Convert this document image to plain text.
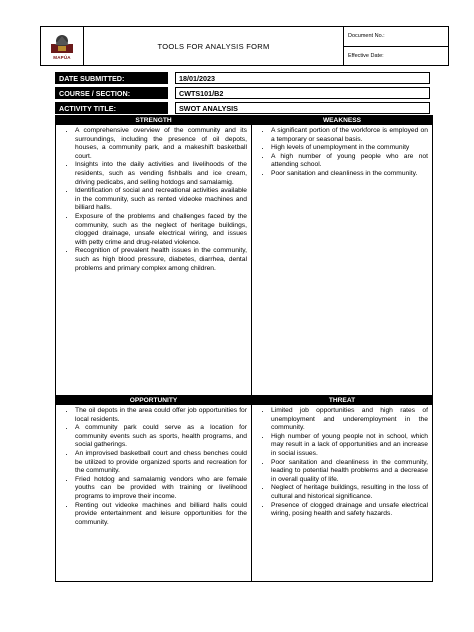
MAPÚA
TOOLS FOR ANALYSIS FORM
Document No.:
Effective Date:
DATE SUBMITTED:	18/01/2023
COURSE / SECTION:	CWTS101/B2
ACTIVITY TITLE:	SWOT ANALYSIS
STRENGTH
• A comprehensive overview of the community and its surroundings, including the presence of oil depots, houses, a community park, and a makeshift basketball court.
• Insights into the daily activities and livelihoods of the residents, such as vending fishballs and ice cream, driving pedicabs, and selling hotdogs and samalamig.
• Identification of social and recreational activities available in the community, such as rented videoke machines and billiard halls.
• Exposure of the problems and challenges faced by the community, such as the neglect of heritage buildings, clogged drainage, unsafe electrical wiring, and issues with petty crime and drug-related violence.
• Recognition of prevalent health issues in the community, such as high blood pressure, diabetes, diarrhea, dental problems and primary complex among children.
WEAKNESS
• A significant portion of the workforce is employed on a temporary or seasonal basis.
• High levels of unemployment in the community
• A high number of young people who are not attending school.
• Poor sanitation and cleanliness in the community.
OPPORTUNITY
• The oil depots in the area could offer job opportunities for local residents.
• A community park could serve as a location for community events such as sports, health programs, and social gatherings.
• An improvised basketball court and chess benches could be utilized to provide organized sports and recreation for the community.
• Fried hotdog and samalamig vendors who are female youths can be provided with training or livelihood programs to improve their income.
• Renting out videoke machines and billiard halls could provide entertainment and leisure opportunities for the community.
THREAT
• Limited job opportunities and high rates of unemployment and underemployment in the community.
• High number of young people not in school, which may result in a lack of opportunities and an increase in social issues.
• Poor sanitation and cleanliness in the community, leading to potential health problems and a decrease in overall quality of life.
• Neglect of heritage buildings, resulting in the loss of cultural and historical significance.
• Presence of clogged drainage and unsafe electrical wiring, posing health and safety hazards.
